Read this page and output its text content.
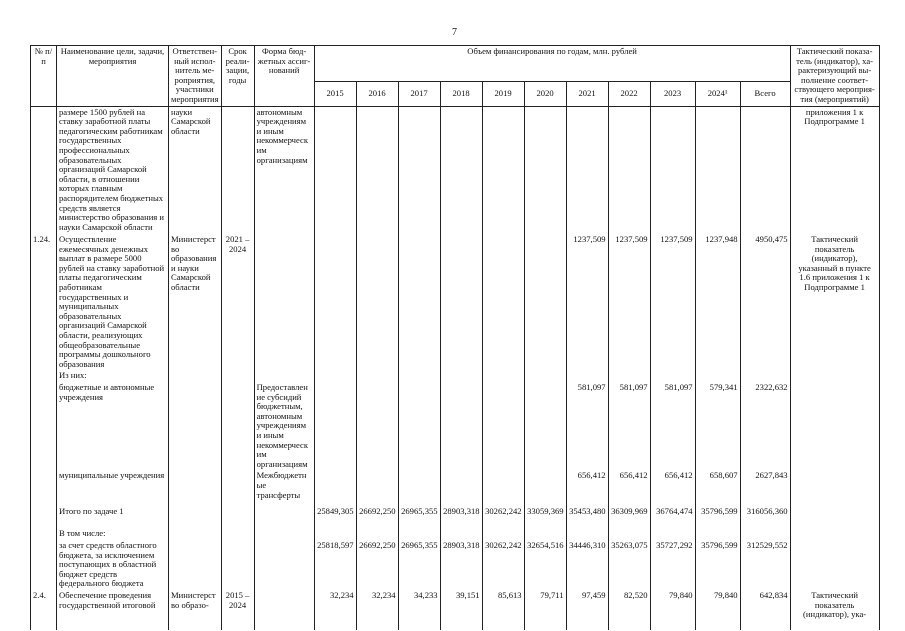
7
№ п/п	Наименование цели, задачи, мероприятия	Ответствен-ный испол-нитель ме-роприятия, участники мероприятия	Срок реали-зации, годы	Форма бюд-жетных ассиг-нований	Объем финансирования по годам, млн. рублей											Тактический показа-тель (индикатор), ха-рактеризующий вы-полнение соответ-ствующего мероприя-тия (мероприятий)
					2015	2016	2017	2018	2019	2020	2021	2022	2023	2024¹	Всего	
	размере 1500 рублей на ставку заработной платы педагогическим работникам государственных профессиональных образовательных организаций Самарской области, в отношении которых главным распорядителем бюджетных средств является министерство образования и науки Самарской области	науки Самарской области		автономным учреждениям и иным некоммерческим организациям												приложения 1 к Подпрограмме 1
1.24.	Осуществление ежемесячных денежных выплат в размере 5000 рублей на ставку заработной платы педагогическим работникам государственных и муниципальных образовательных организаций Самарской области, реализующих общеобразовательные программы дошкольного образования	Министерство образования и науки Самарской области	2021 – 2024								1237,509	1237,509	1237,509	1237,948	4950,475	Тактический показатель (индикатор), указанный в пункте 1.6 приложения 1 к Подпрограмме 1
	Из них:															
	бюджетные и автономные учреждения			Предоставление субсидий бюджетным, автономным учреждениям и иным некоммерческим организациям							581,097	581,097	581,097	579,341	2322,632	
	муниципальные учреждения			Межбюджетные трансферты							656,412	656,412	656,412	658,607	2627,843	
	Итого по задаче 1				25849,305	26692,250	26965,355	28903,318	30262,242	33059,369	35453,480	36309,969	36764,474	35796,599	316056,360	
	В том числе:															
	за счет средств областного бюджета, за исключением поступающих в областной бюджет средств федерального бюджета				25818,597	26692,250	26965,355	28903,318	30262,242	32654,516	34446,310	35263,075	35727,292	35796,599	312529,552	
2.4.	Обеспечение проведения государственной итоговой	Министерство образо-	2015 – 2024		32,234	32,234	34,233	39,151	85,613	79,711	97,459	82,520	79,840	79,840	642,834	Тактический показатель (индикатор), ука-
